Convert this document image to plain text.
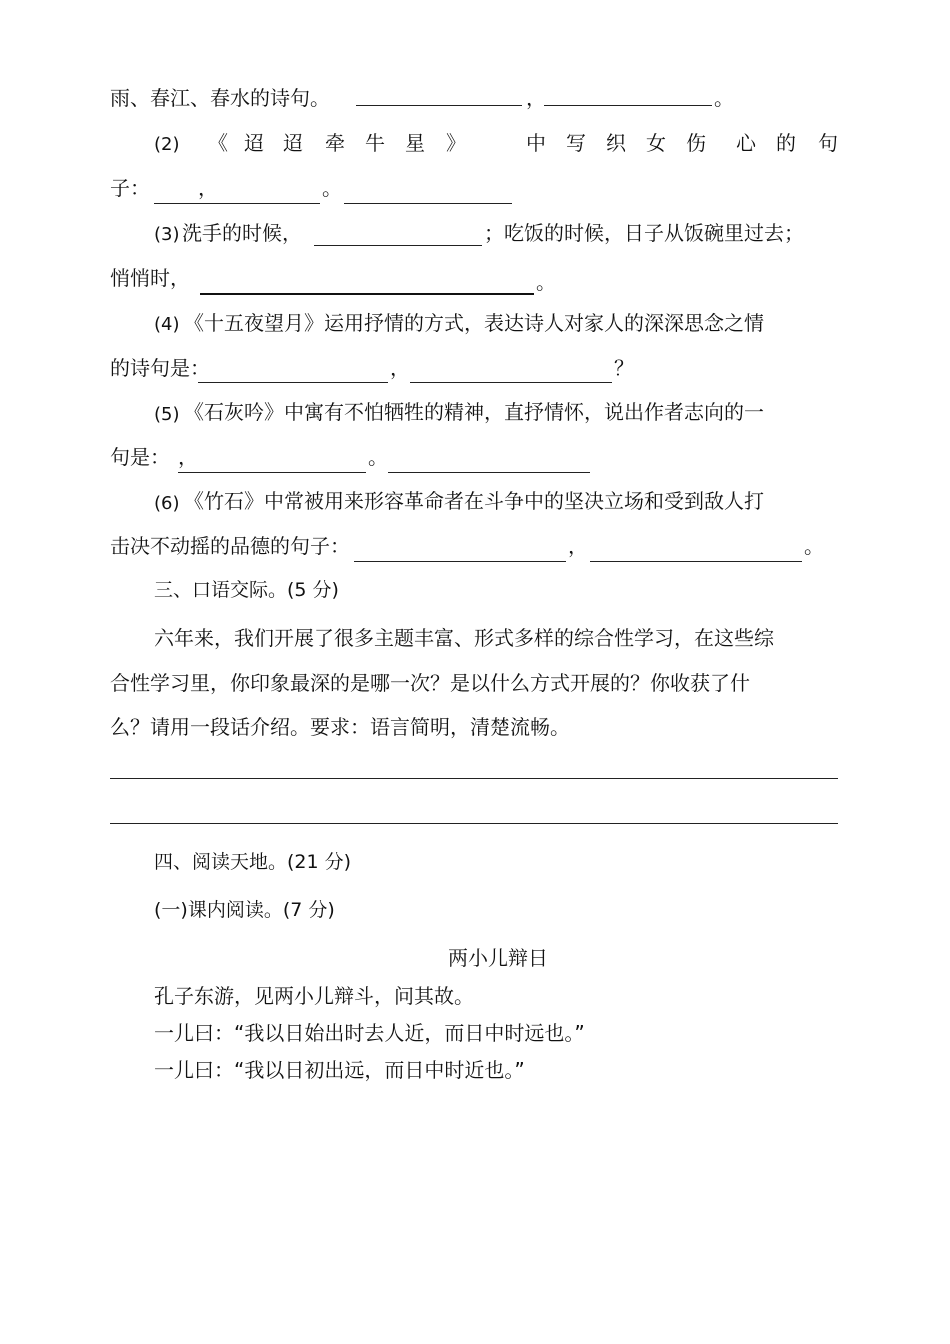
雨、春江、春水的诗句。	，	。
(2) 《 迢 迢 牵 牛 星 》	中 写 织 女 伤 心 的 句
子： ，	。
(3) 洗手的时候，	；吃饭的时候，日子从饭碗里过去；
悄悄时，	。
(4) 《十五夜望月》运用抒情的方式，表达诗人对家人的深深思念之情
的诗句是：	，	？
(5) 《石灰吟》中寓有不怕牺牲的精神，直抒情怀，说出作者志向的一
句是： ，	。
(6) 《竹石》中常被用来形容革命者在斗争中的坚决立场和受到敌人打
击决不动摇的品德的句子：	，	。
三、口语交际。(5 分)
六年来，我们开展了很多主题丰富、形式多样的综合性学习，在这些综
合性学习里，你印象最深的是哪一次？是以什么方式开展的？你收获了什
么？请用一段话介绍。要求：语言简明，清楚流畅。
四、阅读天地。(21 分)
(一)课内阅读。(7 分)
两小儿辩日
孔子东游，见两小儿辩斗，问其故。
一儿曰：“我以日始出时去人近，而日中时远也。”
一儿曰：“我以日初出远，而日中时近也。”
